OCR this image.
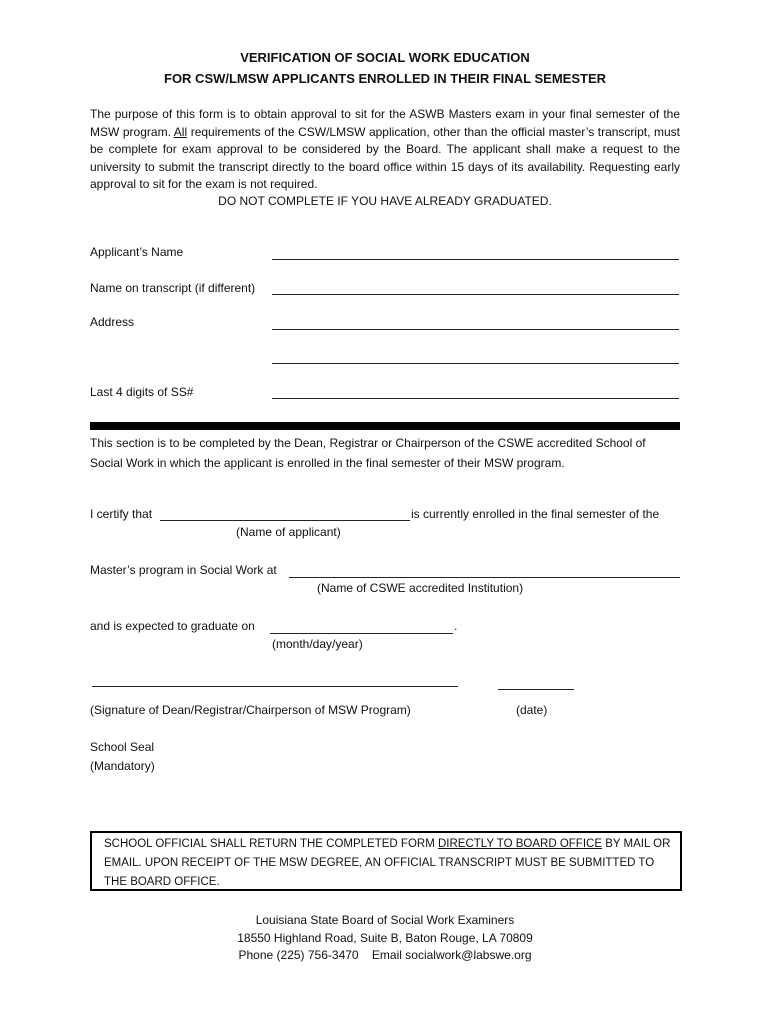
VERIFICATION OF SOCIAL WORK EDUCATION
FOR CSW/LMSW APPLICANTS ENROLLED IN THEIR FINAL SEMESTER
The purpose of this form is to obtain approval to sit for the ASWB Masters exam in your final semester of the MSW program. All requirements of the CSW/LMSW application, other than the official master’s transcript, must be complete for exam approval to be considered by the Board. The applicant shall make a request to the university to submit the transcript directly to the board office within 15 days of its availability. Requesting early approval to sit for the exam is not required.
DO NOT COMPLETE IF YOU HAVE ALREADY GRADUATED.
Applicant’s Name
Name on transcript (if different)
Address
Last 4 digits of SS#
This section is to be completed by the Dean, Registrar or Chairperson of the CSWE accredited School of Social Work in which the applicant is enrolled in the final semester of their MSW program.
I certify that	is currently enrolled in the final semester of the
(Name of applicant)
Master’s program in Social Work at
(Name of CSWE accredited Institution)
and is expected to graduate on	.
(month/day/year)
(Signature of Dean/Registrar/Chairperson of MSW Program)	(date)
School Seal
(Mandatory)

SCHOOL OFFICIAL SHALL RETURN THE COMPLETED FORM DIRECTLY TO BOARD OFFICE BY MAIL OR EMAIL. UPON RECEIPT OF THE MSW DEGREE, AN OFFICIAL TRANSCRIPT MUST BE SUBMITTED TO THE BOARD OFFICE.

Louisiana State Board of Social Work Examiners
18550 Highland Road, Suite B, Baton Rouge, LA 70809
Phone (225) 756-3470    Email socialwork@labswe.org
